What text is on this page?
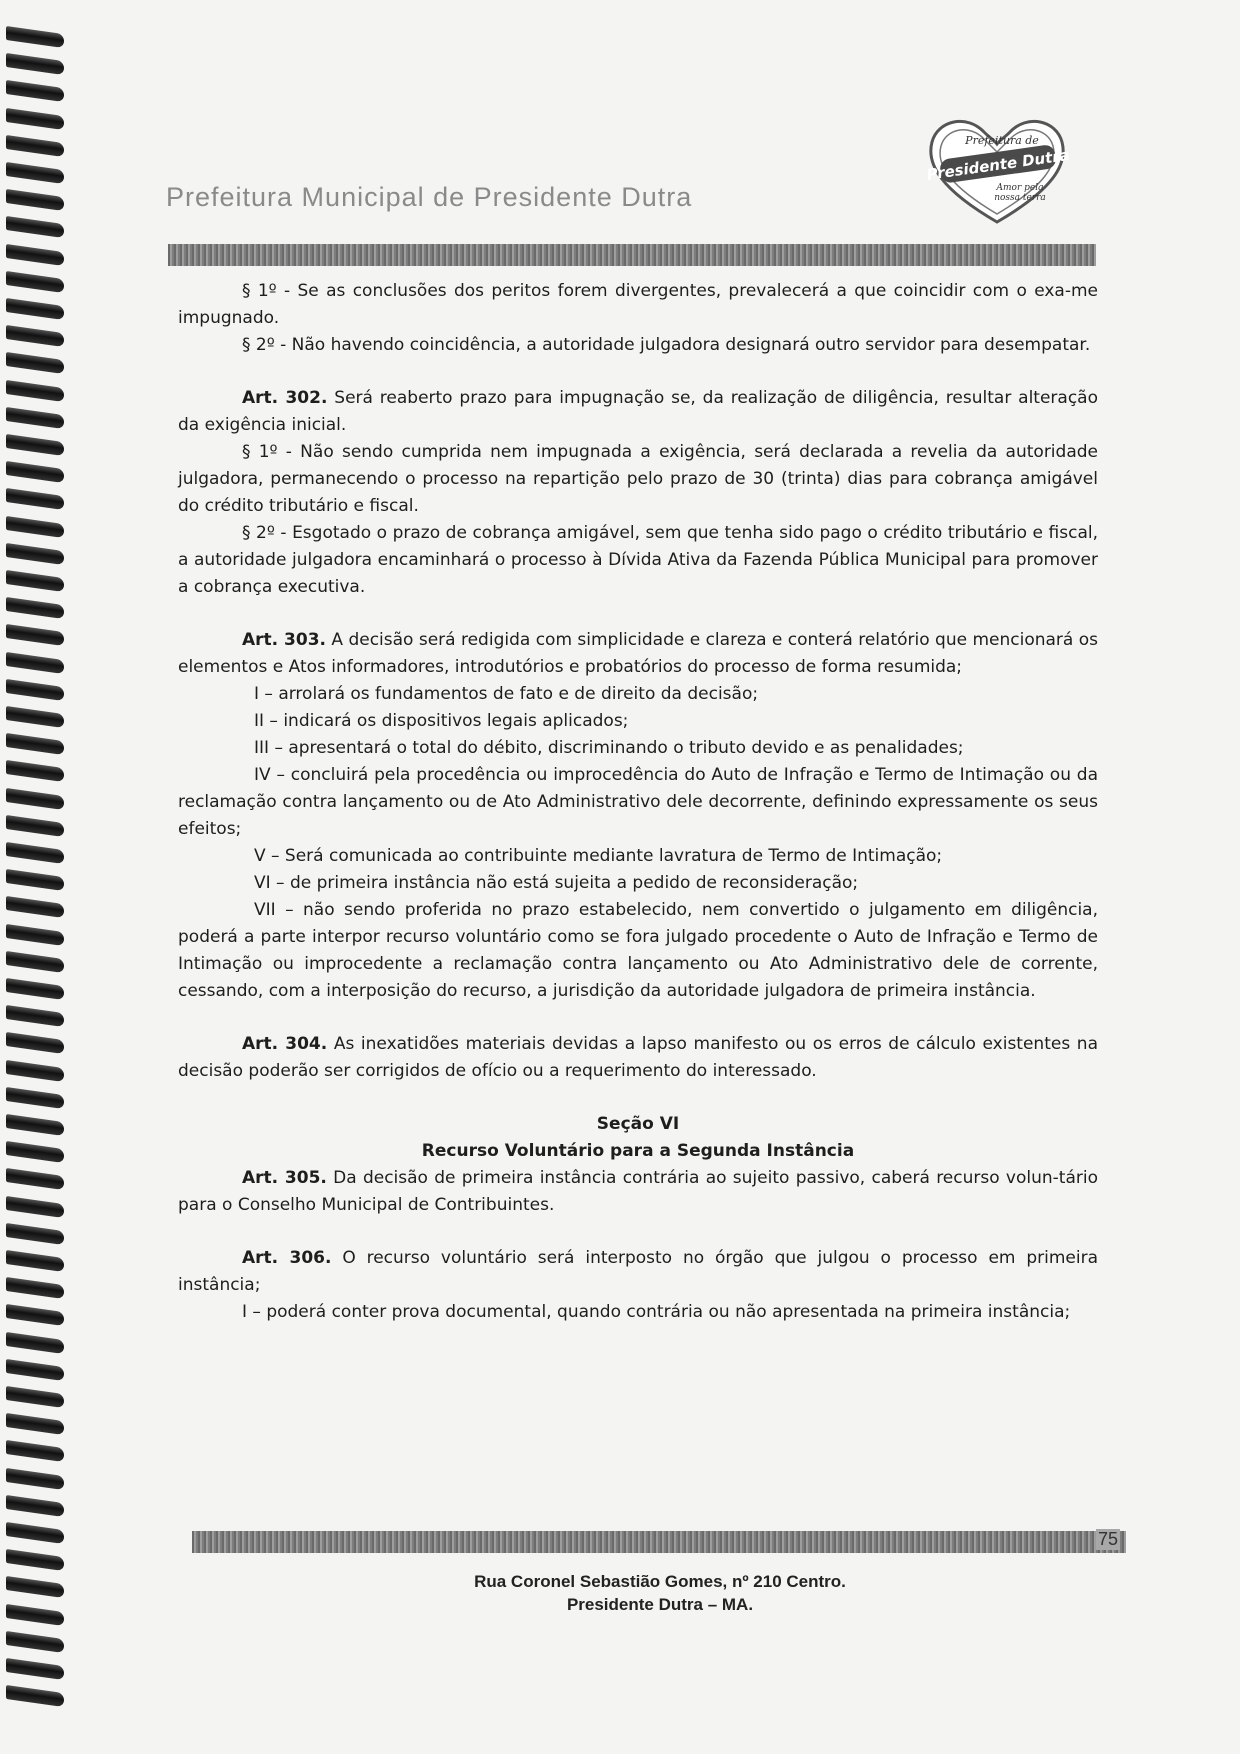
Prefeitura Municipal de Presidente Dutra
Prefeitura de
Presidente Dutra
Amor pela
nossa terra

§ 1º - Se as conclusões dos peritos forem divergentes, prevalecerá a que coincidir com o exa-me impugnado.

§ 2º - Não havendo coincidência, a autoridade julgadora designará outro servidor para desempatar.

Art. 302. Será reaberto prazo para impugnação se, da realização de diligência, resultar alteração da exigência inicial.

§ 1º - Não sendo cumprida nem impugnada a exigência, será declarada a revelia da autoridade julgadora, permanecendo o processo na repartição pelo prazo de 30 (trinta) dias para cobrança amigável do crédito tributário e fiscal.

§ 2º - Esgotado o prazo de cobrança amigável, sem que tenha sido pago o crédito tributário e fiscal, a autoridade julgadora encaminhará o processo à Dívida Ativa da Fazenda Pública Municipal para promover a cobrança executiva.

Art. 303. A decisão será redigida com simplicidade e clareza e conterá relatório que mencionará os elementos e Atos informadores, introdutórios e probatórios do processo de forma resumida;

I – arrolará os fundamentos de fato e de direito da decisão;

II – indicará os dispositivos legais aplicados;

III – apresentará o total do débito, discriminando o tributo devido e as penalidades;

IV – concluirá pela procedência ou improcedência do Auto de Infração e Termo de Intimação ou da reclamação contra lançamento ou de Ato Administrativo dele decorrente, definindo expressamente os seus efeitos;

V – Será comunicada ao contribuinte mediante lavratura de Termo de Intimação;

VI – de primeira instância não está sujeita a pedido de reconsideração;

VII – não sendo proferida no prazo estabelecido, nem convertido o julgamento em diligência, poderá a parte interpor recurso voluntário como se fora julgado procedente o Auto de Infração e Termo de Intimação ou improcedente a reclamação contra lançamento ou Ato Administrativo dele de corrente, cessando, com a interposição do recurso, a jurisdição da autoridade julgadora de primeira instância.

Art. 304. As inexatidões materiais devidas a lapso manifesto ou os erros de cálculo existentes na decisão poderão ser corrigidos de ofício ou a requerimento do interessado.

Seção VI
Recurso Voluntário para a Segunda Instância

Art. 305. Da decisão de primeira instância contrária ao sujeito passivo, caberá recurso volun-tário para o Conselho Municipal de Contribuintes.

Art. 306. O recurso voluntário será interposto no órgão que julgou o processo em primeira instância;

I – poderá conter prova documental, quando contrária ou não apresentada na primeira instância;

75
Rua Coronel Sebastião Gomes, nº 210 Centro.
Presidente Dutra – MA.
